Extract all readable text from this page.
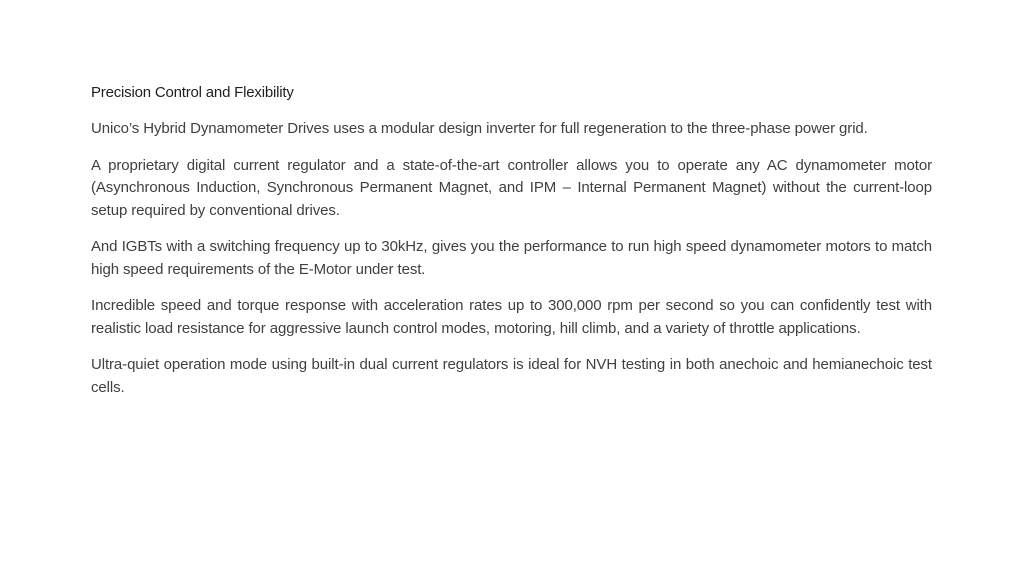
Precision Control and Flexibility

Unico’s Hybrid Dynamometer Drives uses a modular design inverter for full regeneration to the three-phase power grid.

A proprietary digital current regulator and a state-of-the-art controller allows you to operate any AC dynamometer motor (Asynchronous Induction, Synchronous Permanent Magnet, and IPM – Internal Permanent Magnet) without the current-loop setup required by conventional drives.

And IGBTs with a switching frequency up to 30kHz, gives you the performance to run high speed dynamometer motors to match high speed requirements of the E-Motor under test.

Incredible speed and torque response with acceleration rates up to 300,000 rpm per second so you can confidently test with realistic load resistance for aggressive launch control modes, motoring, hill climb, and a variety of throttle applications.

Ultra-quiet operation mode using built-in dual current regulators is ideal for NVH testing in both anechoic and hemianechoic test cells.
